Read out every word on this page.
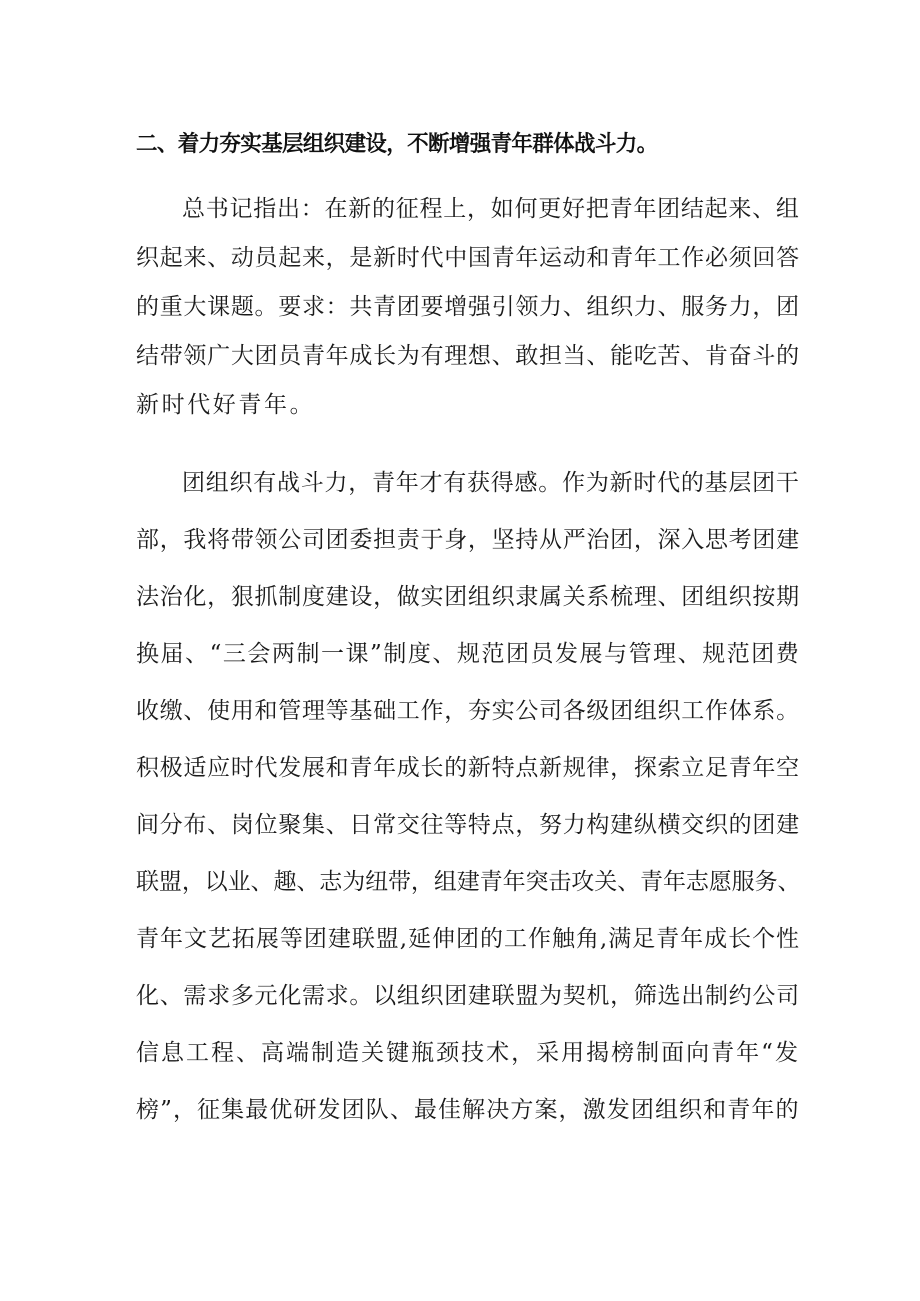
二、着力夯实基层组织建设，不断增强青年群体战斗力。

总书记指出：在新的征程上，如何更好把青年团结起来、组

织起来、动员起来，是新时代中国青年运动和青年工作必须回答

的重大课题。要求：共青团要增强引领力、组织力、服务力，团

结带领广大团员青年成长为有理想、敢担当、能吃苦、肯奋斗的

新时代好青年。

团组织有战斗力，青年才有获得感。作为新时代的基层团干

部，我将带领公司团委担责于身，坚持从严治团，深入思考团建

法治化，狠抓制度建设，做实团组织隶属关系梳理、团组织按期

换届、“三会两制一课”制度、规范团员发展与管理、规范团费

收缴、使用和管理等基础工作，夯实公司各级团组织工作体系。

积极适应时代发展和青年成长的新特点新规律，探索立足青年空

间分布、岗位聚集、日常交往等特点，努力构建纵横交织的团建

联盟，以业、趣、志为纽带，组建青年突击攻关、青年志愿服务、

青年文艺拓展等团建联盟,延伸团的工作触角,满足青年成长个性

化、需求多元化需求。以组织团建联盟为契机，筛选出制约公司

信息工程、高端制造关键瓶颈技术，采用揭榜制面向青年“发

榜”，征集最优研发团队、最佳解决方案，激发团组织和青年的
